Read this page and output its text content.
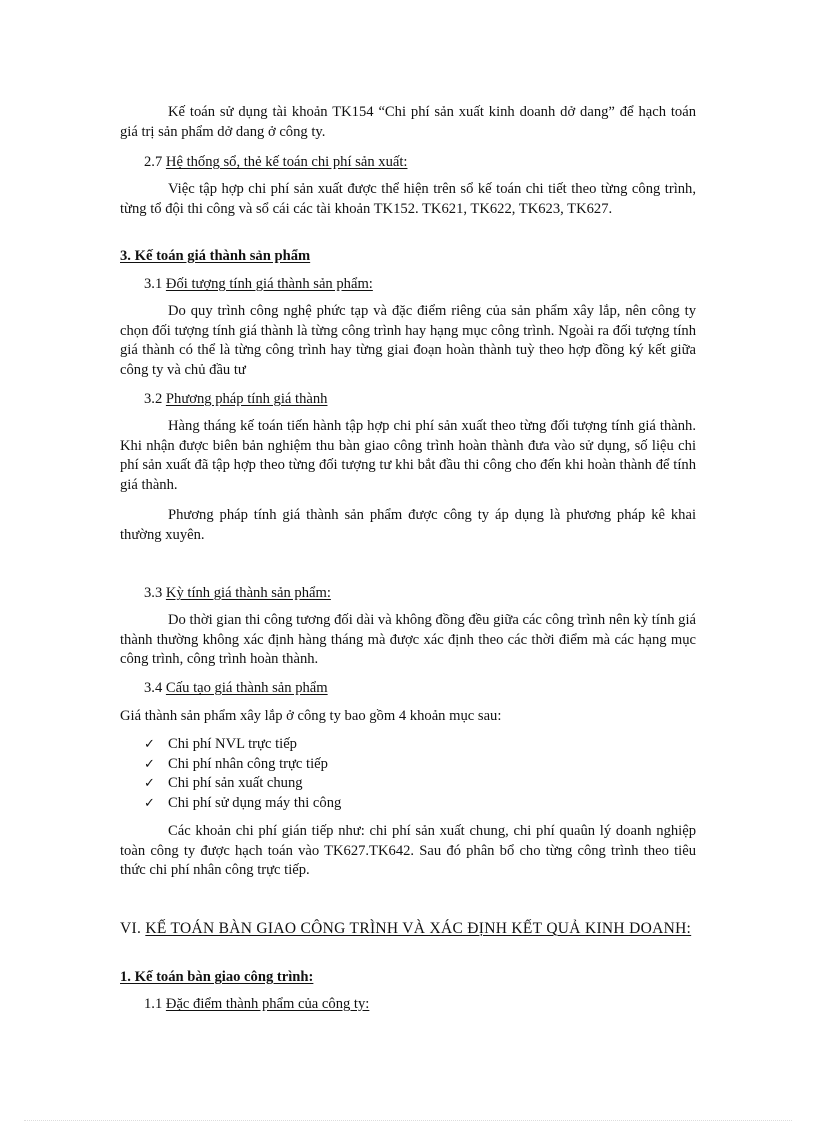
Kế toán sử dụng tài khoản TK154 “Chi phí sản xuất kinh doanh dở dang” để hạch toán giá trị sản phẩm dở dang ở công ty.

2.7 Hệ thống sổ, thẻ kế toán chi phí sản xuất:

Việc tập hợp chi phí sản xuất được thể hiện trên sổ kế toán chi tiết theo từng công trình, từng tổ đội thi công và sổ cái các tài khoản TK152. TK621, TK622, TK623, TK627.

3. Kế toán giá thành sản phẩm

3.1 Đối tượng tính giá thành sản phẩm:

Do quy trình công nghệ phức tạp và đặc điểm riêng của sản phẩm xây lắp, nên công ty chọn đối tượng tính giá thành là từng công trình hay hạng mục công trình. Ngoài ra đối tượng tính giá thành có thể là từng công trình hay từng giai đoạn hoàn thành tuỳ theo hợp đồng ký kết giữa công ty và chủ đầu tư

3.2 Phương pháp tính giá thành

Hàng tháng kế toán tiến hành tập hợp chi phí sản xuất theo từng đối tượng tính giá thành. Khi nhận được biên bản nghiệm thu bàn giao công trình hoàn thành đưa vào sử dụng, số liệu chi phí sản xuất đã tập hợp theo từng đối tượng tư khi bắt đầu thi công cho đến khi hoàn thành để tính giá thành.

Phương pháp tính giá thành sản phẩm được công ty áp dụng là phương pháp kê khai thường xuyên.

3.3 Kỳ tính giá thành sản phẩm:

Do thời gian thi công tương đối dài và không đồng đều giữa các công trình nên kỳ tính giá thành thường không xác định hàng tháng mà được xác định theo các thời điểm mà các hạng mục công trình, công trình hoàn thành.

3.4 Cấu tạo giá thành sản phẩm

Giá thành sản phẩm xây lắp ở công ty bao gồm 4 khoản mục sau:

✓ Chi phí NVL trực tiếp
✓ Chi phí nhân công trực tiếp
✓ Chi phí sản xuất chung
✓ Chi phí sử dụng máy thi công

Các khoản chi phí gián tiếp như: chi phí sản xuất chung, chi phí quaûn lý doanh nghiệp toàn công ty được hạch toán vào TK627.TK642. Sau đó phân bổ cho từng công trình theo tiêu thức chi phí nhân công trực tiếp.

VI. KẾ TOÁN BÀN GIAO CÔNG TRÌNH VÀ XÁC ĐỊNH KẾT QUẢ KINH DOANH:

1. Kế toán bàn giao công trình:

1.1 Đặc điểm thành phẩm của công ty:
